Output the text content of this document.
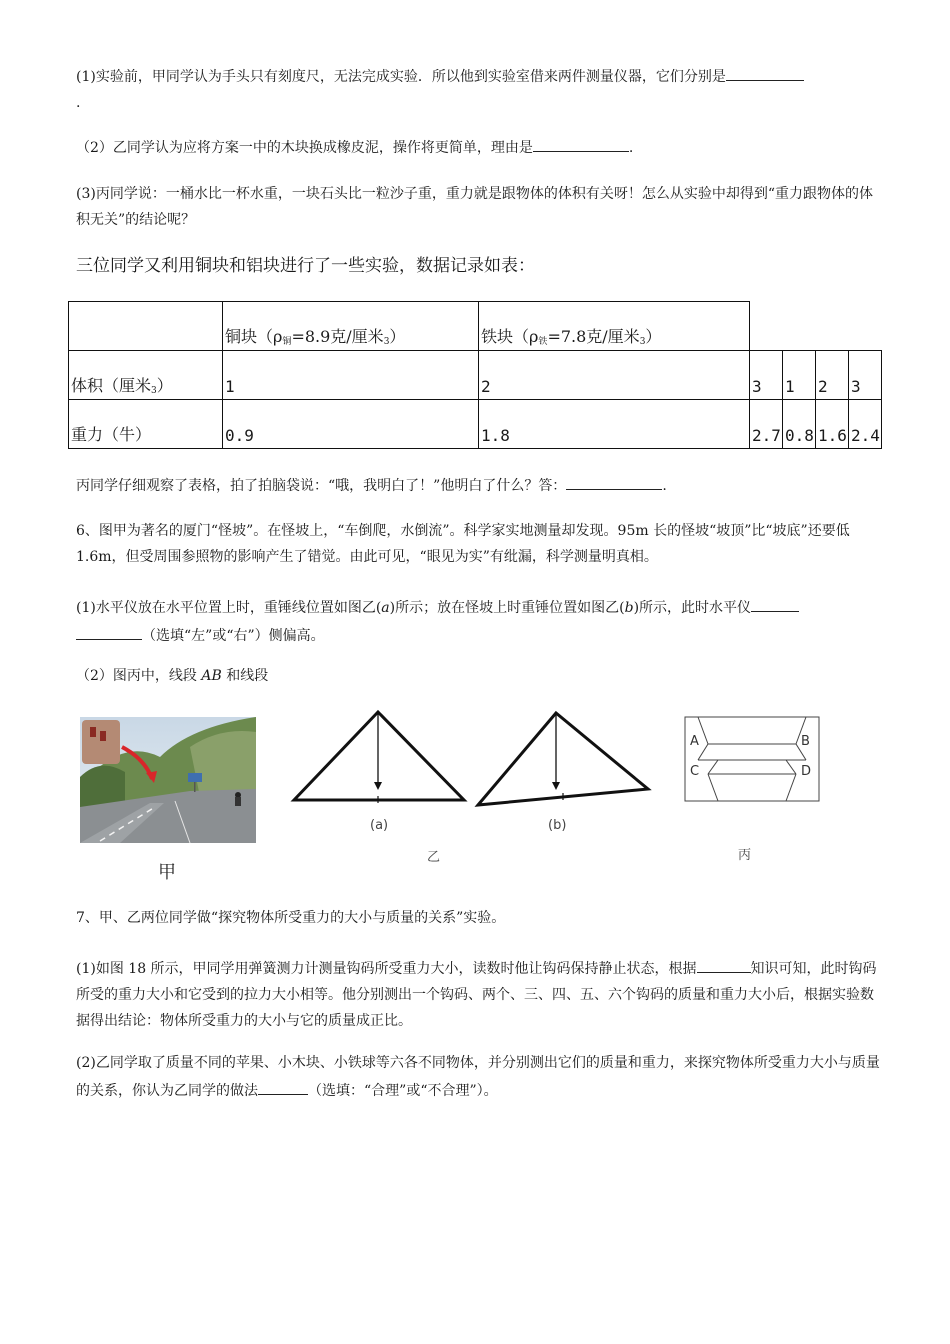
(1)实验前，甲同学认为手头只有刻度尺，无法完成实验．所以他到实验室借来两件测量仪器，它们分别是
.

（2）乙同学认为应将方案一中的木块换成橡皮泥，操作将更简单，理由是	.

(3)丙同学说：一桶水比一杯水重，一块石头比一粒沙子重，重力就是跟物体的体积有关呀！怎么从实验中却得到“重力跟物体的体积无关”的结论呢？

三位同学又利用铜块和铝块进行了一些实验，数据记录如表：

铜块（ρ 铜 =8.9克/厘米 3 ）	铁块（ρ 铁 =7.8克/厘米 3 ）
体积（厘米 3 ）	1	2	3	1	2	3
重力（牛）	0.9	1.8	2.7 0.8 1.6 2.4

丙同学仔细观察了表格，拍了拍脑袋说：“哦，我明白了！”他明白了什么？答：	.

6、图甲为著名的厦门“怪坡”。在怪坡上，“车倒爬，水倒流”。科学家实地测量却发现。95m 长的怪坡“坡顶”比“坡底”还要低 1.6m，但受周围参照物的影响产生了错觉。由此可见，“眼见为实”有纰漏，科学测量明真相。

(1)水平仪放在水平位置上时，重锤线位置如图乙(a)所示；放在怪坡上时重锤位置如图乙(b)所示，此时水平仪
（选填“左”或“右”）侧偏高。

（2）图丙中，线段 AB 和线段

甲
(a)	(b)
乙
A	B
C	D
丙

7、甲、乙两位同学做“探究物体所受重力的大小与质量的关系”实验。

(1)如图 18 所示，甲同学用弹簧测力计测量钩码所受重力大小，读数时他让钩码保持静止状态，根据	知识可知，此时钩码所受的重力大小和它受到的拉力大小相等。他分别测出一个钩码、两个、三、四、五、六个钩码的质量和重力大小后，根据实验数据得出结论：物体所受重力的大小与它的质量成正比。

(2)乙同学取了质量不同的苹果、小木块、小铁球等六各不同物体，并分别测出它们的质量和重力，来探究物体所受重力大小与质量的关系，你认为乙同学的做法	（选填：“合理”或“不合理”）。
